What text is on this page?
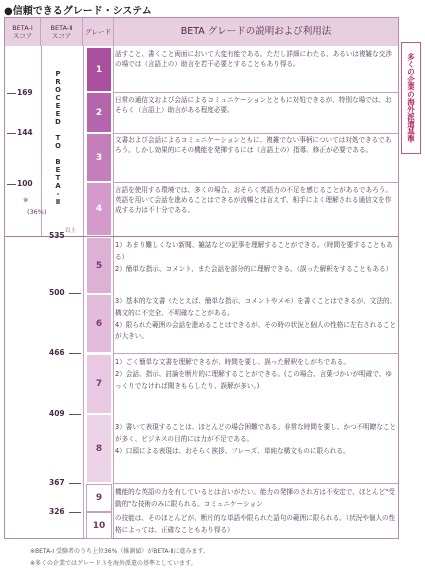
●信頼できるグレード・システム
BETA-Ⅰ
スコア
BETA-Ⅱ
スコア グレード	BETA グレードの説明および利用法
1
2
3
4
5
6
7
8
9
10
話すこと、書くこと両面において大変有能である。ただし詳細にわたる、あるいは複雑な交渉の場では（言語上の）助言を若干必要とすることもあり得る。
日常の通信文および会話によるコミュニケーションとともに対処できるが、特別な場では、おそらく（言語上）助言がある程度必要。
文書および会話によるコミュニケーションともに、複雑でない事柄については対処できるであろう。しかし効果的にその機能を発揮するには（言語上の）指導、修正が必要である。
言語を使用する環境では、多くの場合、おそらく英語力の不足を感じることがあるであろう。英語を用いて会話を進めることはできるが流暢とは言えず、相手によく理解される通信文を作成する力は不十分である。
1）あまり難しくない新聞、雑誌などの記事を理解することができる。（時間を要することもある）
2）簡単な指示、コメント、また会話を部分的に理解できる。（誤った解釈をすることもある）
3）基本的な文書（たとえば、簡単な指示、コメントやメモ）を書くことはできるが、文法的、構文的に不完全、不明確なことがある。
4）限られた範囲の会話を進めることはできるが、その時の状況と個人の性格に左右されることが大きい。
1）ごく簡単な文書を理解できるが、時間を要し、誤った解釈をしがちである。
2）会話、指示、討論を断片的に理解することができる。(この場合、言葉づかいが明確で、ゆっくりでなければ聞きもらしたり、誤解が多い。)
3）書いて表現することは、ほとんどの場合困難である。非常な時間を要し、かつ不明瞭なことが多く、ビジネスの目的には力が不足である。
4）口頭による表現は、おそらく挨拶、フレーズ、単純な構文ものに限られる。
機能的な英語の力を有しているとは言いがたい。能力の発揮のされ方は不安定で、ほとんど"受動的"な技術のみに限られる。コミュニケーション
の技能は、そのほとんどが、断片的な単語や限られた語句の範囲に限られる。（状況や個人の性格によっては、正確なこともあり得る）
169
144
100	PROCEED TO BETA-Ⅱ
※
(36%)
以上
535
500
466
409
367
326
多くの企業の海外派遣基準
※BETA-Ⅰ 受験者のうち上位36%（推測値）がBETA-Ⅱに進みます。
※多くの企業ではグレード３を海外派遣の基準としています。
